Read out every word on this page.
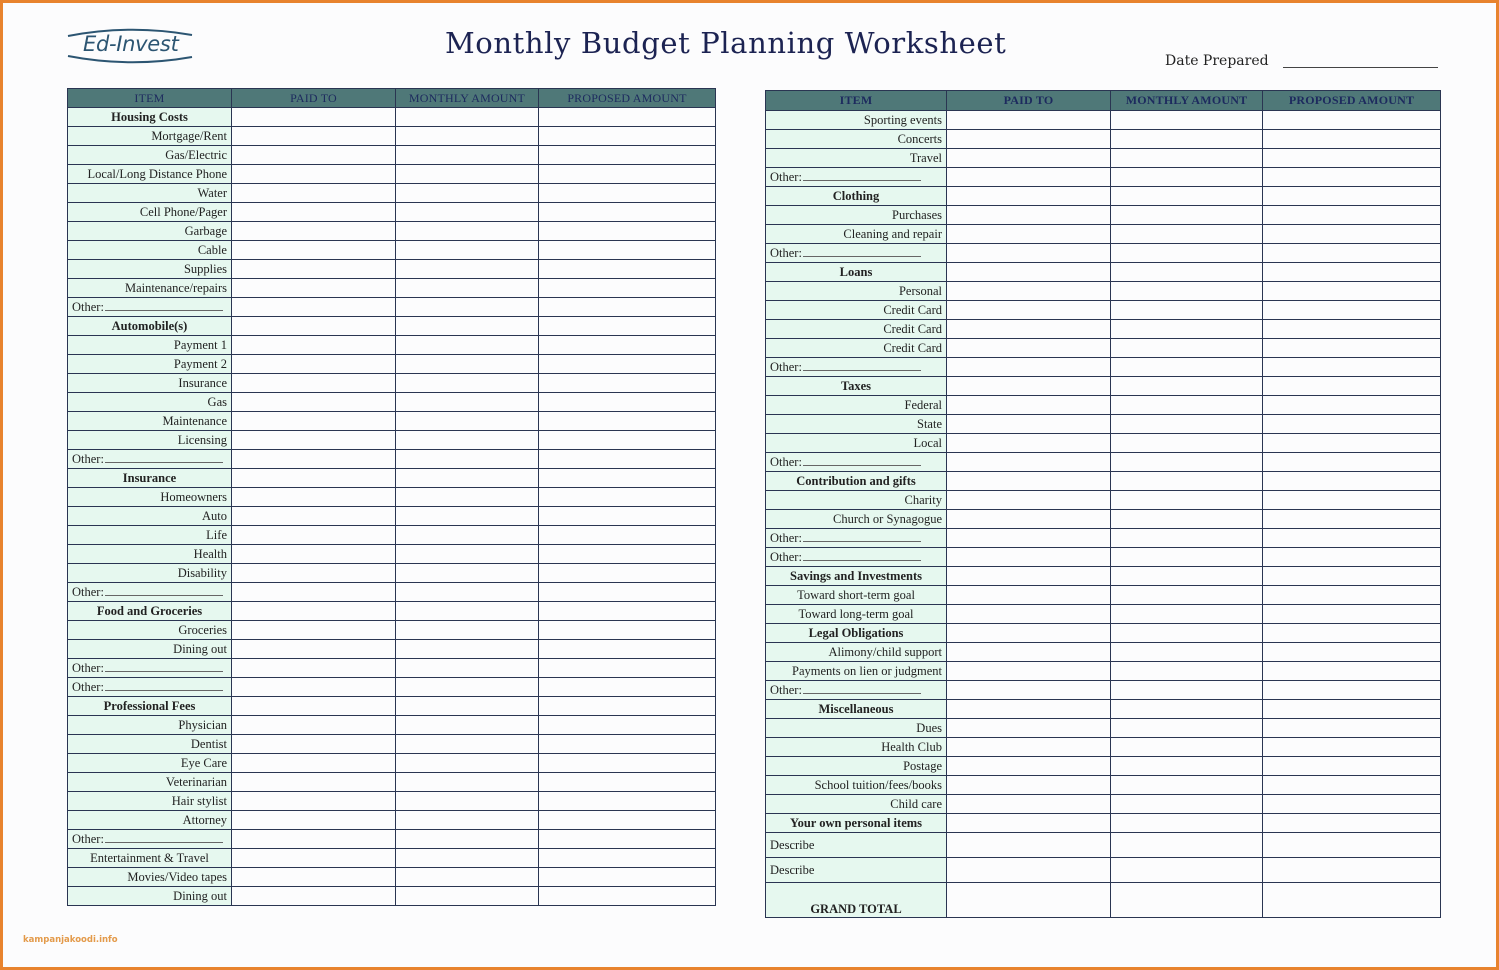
Ed-Invest	Monthly Budget Planning Worksheet
Date Prepared
ITEM	PAID TO	MONTHLY AMOUNT	PROPOSED AMOUNT
Housing Costs			
Mortgage/Rent			
Gas/Electric			
Local/Long Distance Phone			
Water			
Cell Phone/Pager			
Garbage			
Cable			
Supplies			
Maintenance/repairs			
Other:			
Automobile(s)			
Payment 1			
Payment 2			
Insurance			
Gas			
Maintenance			
Licensing			
Other:			
Insurance			
Homeowners			
Auto			
Life			
Health			
Disability			
Other:			
Food and Groceries			
Groceries			
Dining out			
Other:			
Other:			
Professional Fees			
Physician			
Dentist			
Eye Care			
Veterinarian			
Hair stylist			
Attorney			
Other:			
Entertainment & Travel			
Movies/Video tapes			
Dining out			
ITEM	PAID TO	MONTHLY AMOUNT	PROPOSED AMOUNT
Sporting events			
Concerts			
Travel			
Other:			
Clothing			
Purchases			
Cleaning and repair			
Other:			
Loans			
Personal			
Credit Card			
Credit Card			
Credit Card			
Other:			
Taxes			
Federal			
State			
Local			
Other:			
Contribution and gifts			
Charity			
Church or Synagogue			
Other:			
Other:			
Savings and Investments			
Toward short-term goal			
Toward long-term goal			
Legal Obligations			
Alimony/child support			
Payments on lien or judgment			
Other:			
Miscellaneous			
Dues			
Health Club			
Postage			
School tuition/fees/books			
Child care			
Your own personal items			
Describe			
Describe			
GRAND TOTAL			
kampanjakoodi.info
